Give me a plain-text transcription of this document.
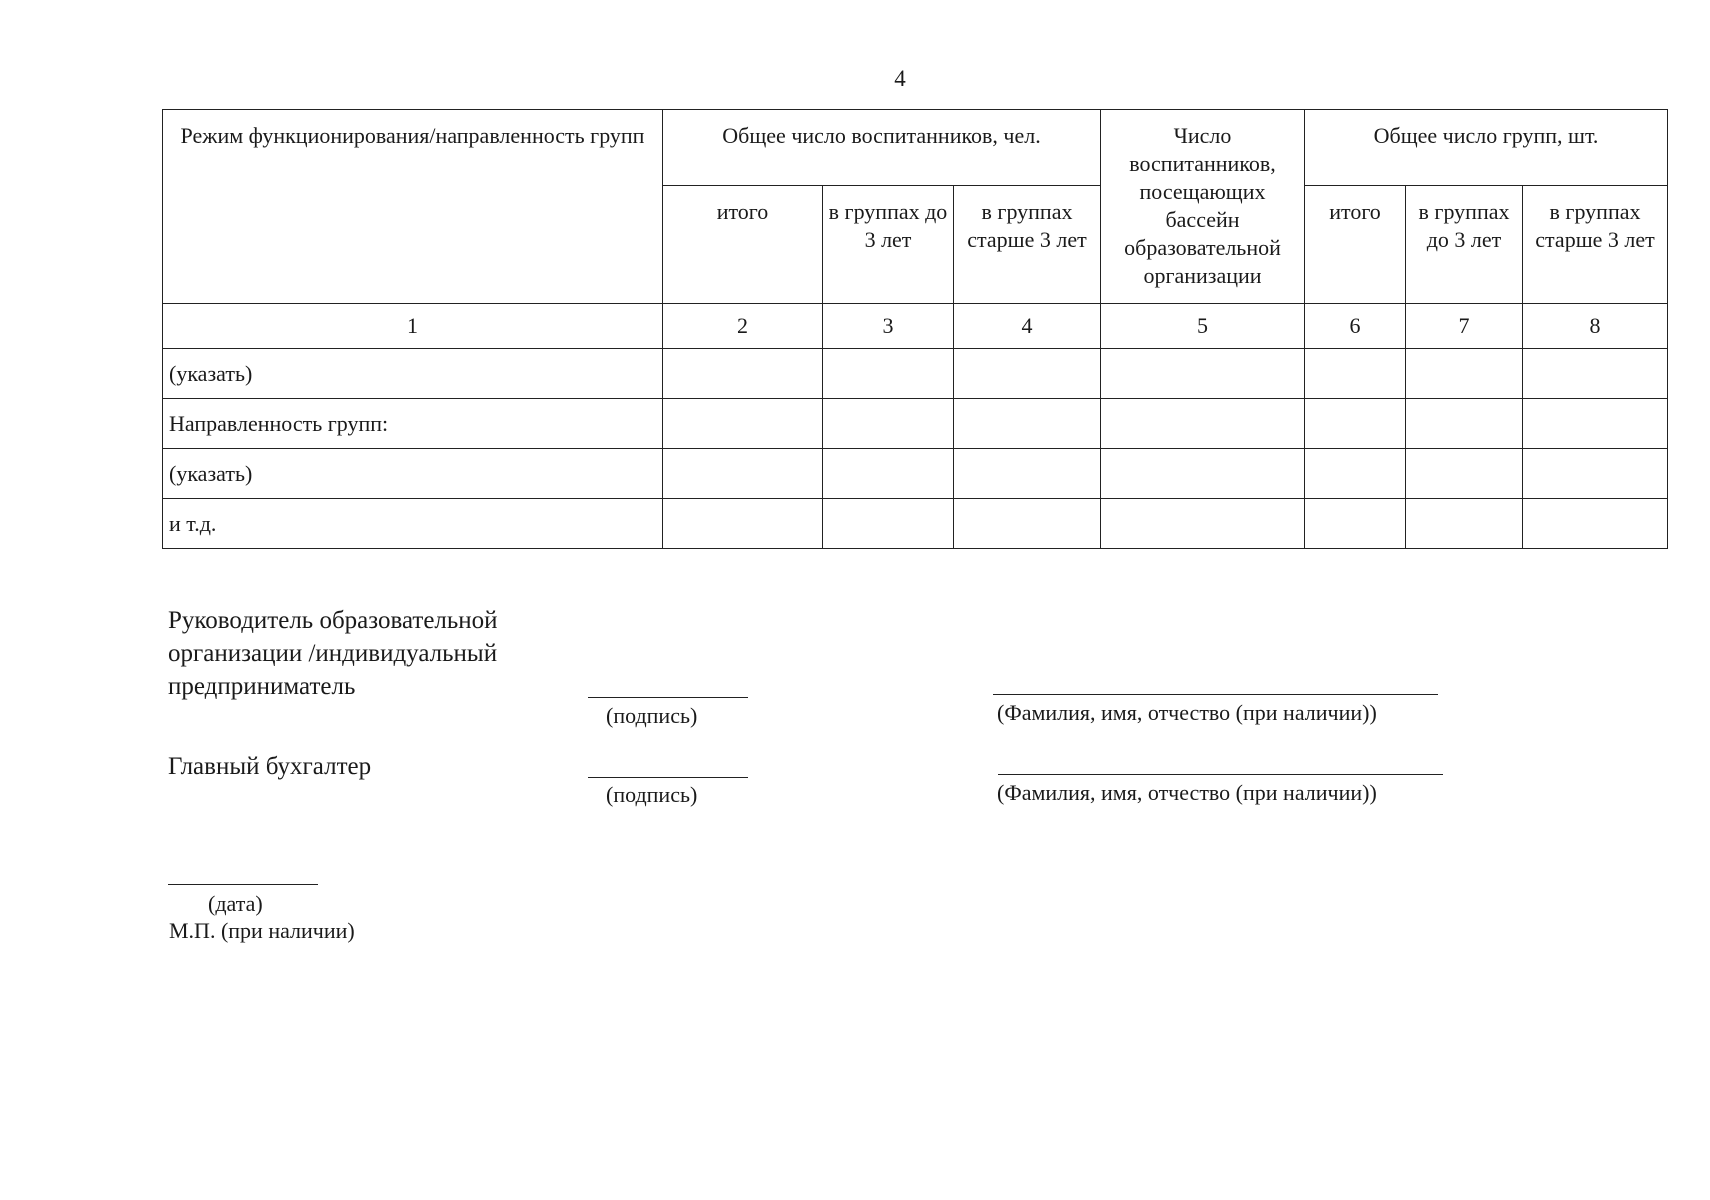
4
Режим функционирования/направленность групп	Общее число воспитанников, чел.			Число воспитанников, посещающих бассейн образовательной организации	Общее число групп, шт.		
	итого	в группах до 3 лет	в группах старше 3 лет		итого	в группах до 3 лет	в группах старше 3 лет
1	2	3	4	5	6	7	8
(указать)							
Направленность групп:							
(указать)							
и т.д.							
Руководитель образовательной
организации /индивидуальный
предприниматель
(подпись)	(Фамилия, имя, отчество (при наличии))
Главный бухгалтер
(подпись)	(Фамилия, имя, отчество (при наличии))
(дата)
М.П. (при наличии)
